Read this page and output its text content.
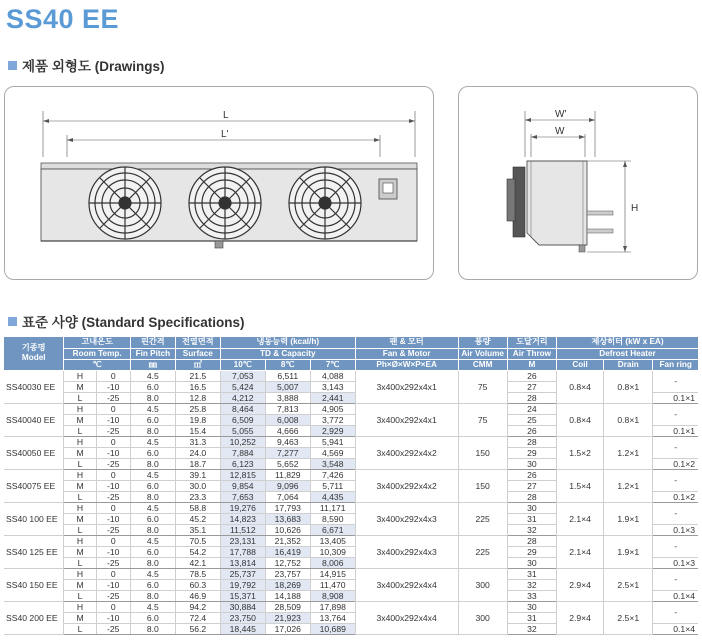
SS40 EE
제품 외형도 (Drawings)
L
L'
W'
W
H
표준 사양 (Standard Specifications)
기종명
Model	고내온도		핀간격	전열면적	냉동능력 (kcal/h)			팬 & 모터	풍량	도달거리	제상히터 (kW x EA)		
	Room Temp.		Fin Pitch	Surface	TD & Capacity			Fan & Motor	Air Volume	Air Throw	Defrost Heater		
	℃		㎜	㎡	10℃	8℃	7℃	Ph×Ø×W×P×EA	CMM	M	Coil	Drain	Fan ring
SS40030 EE	H	0	4.5	21.5	7,053	6,511	4,088	3x400x292x4x1	75	26	0.8×4	0.8×1	-
	M	-10	6.0	16.5	5,424	5,007	3,143			27			
	L	-25	8.0	12.8	4,212	3,888	2,441			28			0.1×1
SS40040 EE	H	0	4.5	25.8	8,464	7,813	4,905	3x400x292x4x1	75	24	0.8×4	0.8×1	-
	M	-10	6.0	19.8	6,509	6,008	3,772			25			
	L	-25	8.0	15.4	5,055	4,666	2,929			26			0.1×1
SS40050 EE	H	0	4.5	31.3	10,252	9,463	5,941	3x400x292x4x2	150	28	1.5×2	1.2×1	-
	M	-10	6.0	24.0	7,884	7,277	4,569			29			
	L	-25	8.0	18.7	6,123	5,652	3,548			30			0.1×2
SS40075 EE	H	0	4.5	39.1	12,815	11,829	7,426	3x400x292x4x2	150	26	1.5×4	1.2×1	-
	M	-10	6.0	30.0	9,854	9,096	5,711			27			
	L	-25	8.0	23.3	7,653	7,064	4,435			28			0.1×2
SS40 100 EE	H	0	4.5	58.8	19,276	17,793	11,171	3x400x292x4x3	225	30	2.1×4	1.9×1	-
	M	-10	6.0	45.2	14,823	13,683	8,590			31			
	L	-25	8.0	35.1	11,512	10,626	6,671			32			0.1×3
SS40 125 EE	H	0	4.5	70.5	23,131	21,352	13,405	3x400x292x4x3	225	28	2.1×4	1.9×1	-
	M	-10	6.0	54.2	17,788	16,419	10,309			29			
	L	-25	8.0	42.1	13,814	12,752	8,006			30			0.1×3
SS40 150 EE	H	0	4.5	78.5	25,737	23,757	14,915	3x400x292x4x4	300	31	2.9×4	2.5×1	-
	M	-10	6.0	60.3	19,792	18,269	11,470			32			
	L	-25	8.0	46.9	15,371	14,188	8,908			33			0.1×4
SS40 200 EE	H	0	4.5	94.2	30,884	28,509	17,898	3x400x292x4x4	300	30	2.9×4	2.5×1	-
	M	-10	6.0	72.4	23,750	21,923	13,764			31			
	L	-25	8.0	56.2	18,445	17,026	10,689			32			0.1×4
